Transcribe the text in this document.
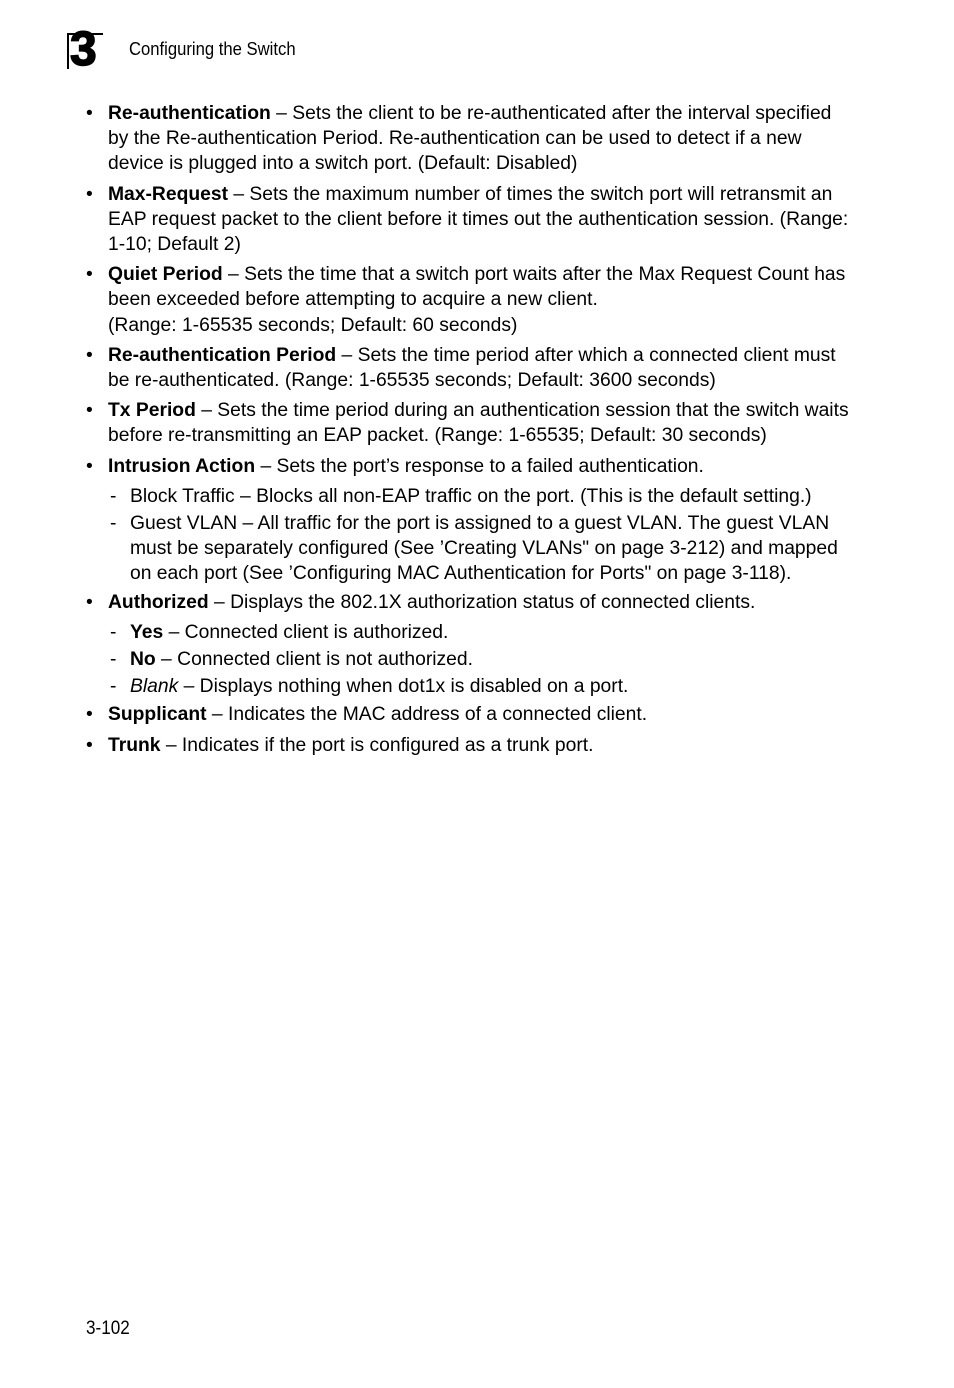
3 Configuring the Switch
• Re-authentication – Sets the client to be re-authenticated after the interval specified by the Re-authentication Period. Re-authentication can be used to detect if a new device is plugged into a switch port. (Default: Disabled)
• Max-Request – Sets the maximum number of times the switch port will retransmit an EAP request packet to the client before it times out the authentication session. (Range: 1-10; Default 2)
• Quiet Period – Sets the time that a switch port waits after the Max Request Count has been exceeded before attempting to acquire a new client.
(Range: 1-65535 seconds; Default: 60 seconds)
• Re-authentication Period – Sets the time period after which a connected client must be re-authenticated. (Range: 1-65535 seconds; Default: 3600 seconds)
• Tx Period – Sets the time period during an authentication session that the switch waits before re-transmitting an EAP packet. (Range: 1-65535; Default: 30 seconds)
• Intrusion Action – Sets the port’s response to a failed authentication.
- Block Traffic – Blocks all non-EAP traffic on the port. (This is the default setting.)
- Guest VLAN – All traffic for the port is assigned to a guest VLAN. The guest VLAN must be separately configured (See ’Creating VLANs" on page 3-212) and mapped on each port (See ’Configuring MAC Authentication for Ports" on page 3-118).
• Authorized – Displays the 802.1X authorization status of connected clients.
- Yes – Connected client is authorized.
- No – Connected client is not authorized.
- Blank – Displays nothing when dot1x is disabled on a port.
• Supplicant – Indicates the MAC address of a connected client.
• Trunk – Indicates if the port is configured as a trunk port.
3-102
